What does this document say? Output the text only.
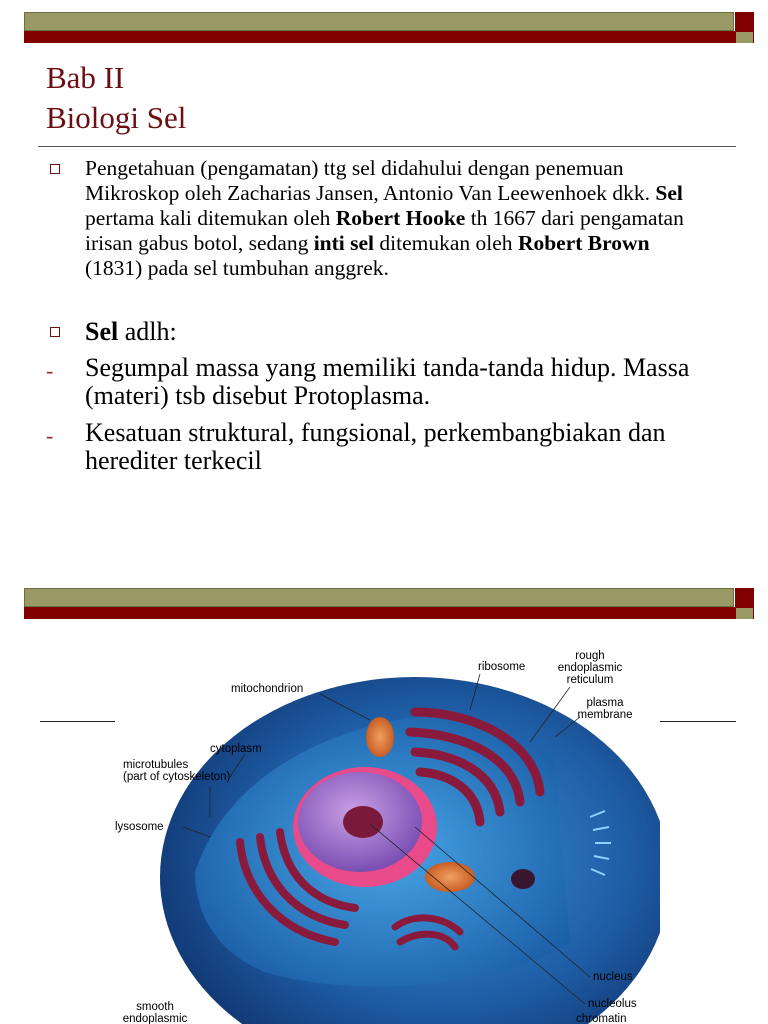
Bab II
Biologi Sel
Pengetahuan (pengamatan) ttg sel didahului dengan penemuan Mikroskop oleh Zacharias Jansen, Antonio Van Leewenhoek dkk. Sel pertama kali ditemukan oleh Robert Hooke th 1667 dari pengamatan irisan gabus botol, sedang inti sel ditemukan oleh Robert Brown (1831) pada sel tumbuhan anggrek.
Sel adlh:
- Segumpal massa yang memiliki tanda-tanda hidup. Massa (materi) tsb disebut Protoplasma.
- Kesatuan struktural, fungsional, perkembangbiakan dan herediter terkecil
rough
endoplasmic
reticulum
ribosome
mitochondrion
plasma
membrane
cytoplasm
microtubules
(part of cytoskeleton)
lysosome
nucleus
nucleolus
chromatin
smooth
endoplasmic
